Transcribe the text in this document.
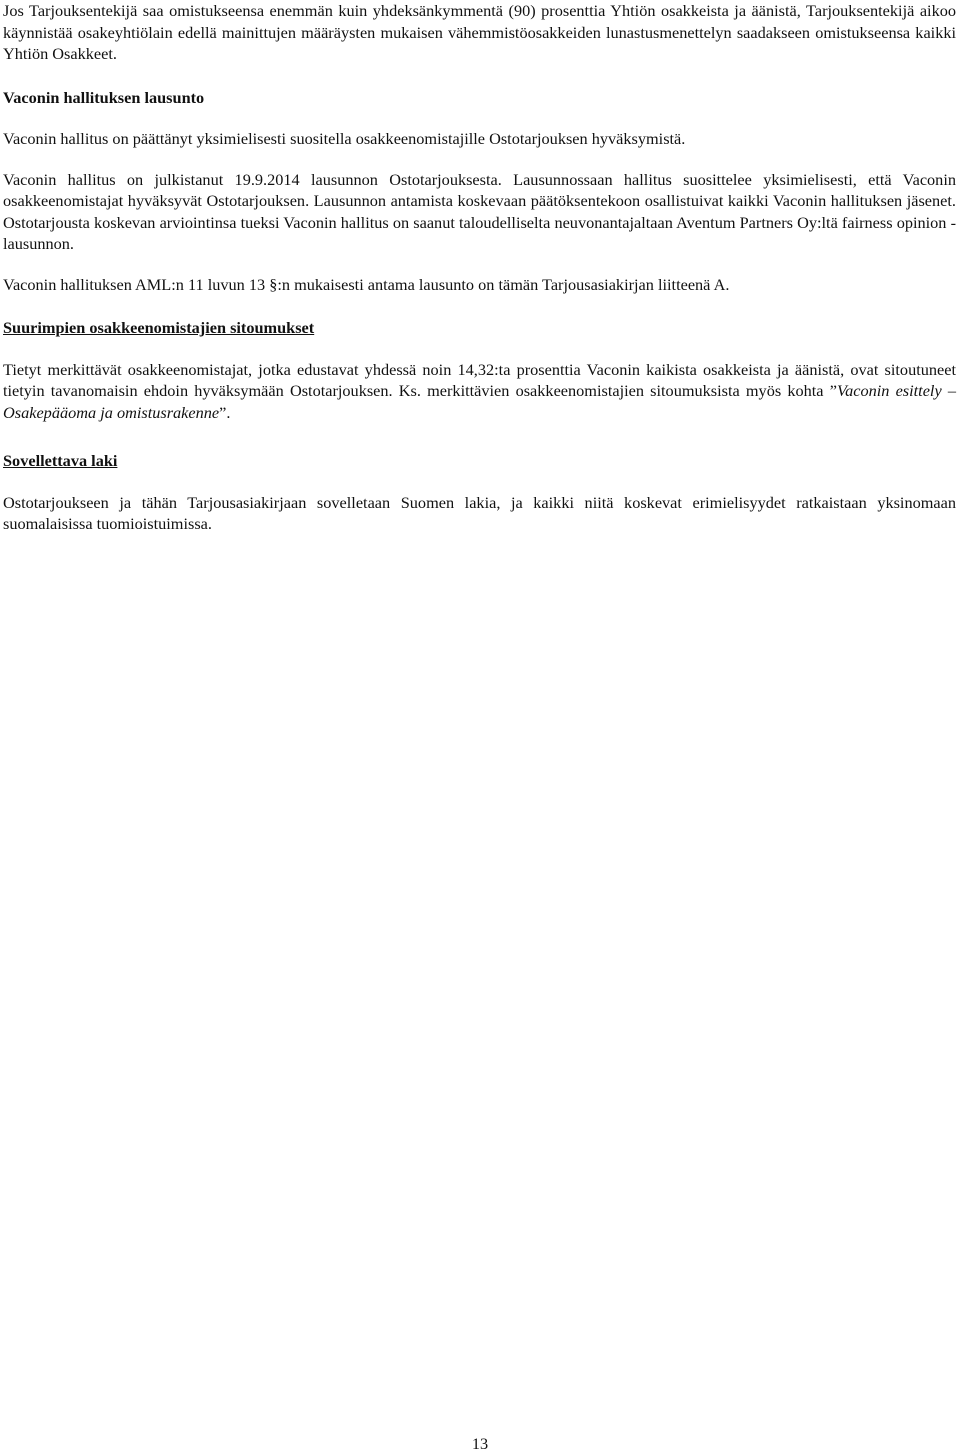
Jos Tarjouksentekijä saa omistukseensa enemmän kuin yhdeksänkymmentä (90) prosenttia Yhtiön osakkeista ja äänistä, Tarjouksentekijä aikoo käynnistää osakeyhtiölain edellä mainittujen määräysten mukaisen vähemmistöosakkeiden lunastusmenettelyn saadakseen omistukseensa kaikki Yhtiön Osakkeet.

Vaconin hallituksen lausunto

Vaconin hallitus on päättänyt yksimielisesti suositella osakkeenomistajille Ostotarjouksen hyväksymistä.

Vaconin hallitus on julkistanut 19.9.2014 lausunnon Ostotarjouksesta. Lausunnossaan hallitus suosittelee yksimielisesti, että Vaconin osakkeenomistajat hyväksyvät Ostotarjouksen. Lausunnon antamista koskevaan päätöksentekoon osallistuivat kaikki Vaconin hallituksen jäsenet. Ostotarjousta koskevan arviointinsa tueksi Vaconin hallitus on saanut taloudelliselta neuvonantajaltaan Aventum Partners Oy:ltä fairness opinion -lausunnon.

Vaconin hallituksen AML:n 11 luvun 13 §:n mukaisesti antama lausunto on tämän Tarjousasiakirjan liitteenä A.

Suurimpien osakkeenomistajien sitoumukset

Tietyt merkittävät osakkeenomistajat, jotka edustavat yhdessä noin 14,32:ta prosenttia Vaconin kaikista osakkeista ja äänistä, ovat sitoutuneet tietyin tavanomaisin ehdoin hyväksymään Ostotarjouksen. Ks. merkittävien osakkeenomistajien sitoumuksista myös kohta ”Vaconin esittely – Osakepääoma ja omistusrakenne”.

Sovellettava laki

Ostotarjoukseen ja tähän Tarjousasiakirjaan sovelletaan Suomen lakia, ja kaikki niitä koskevat erimielisyydet ratkaistaan yksinomaan suomalaisissa tuomioistuimissa.

13
